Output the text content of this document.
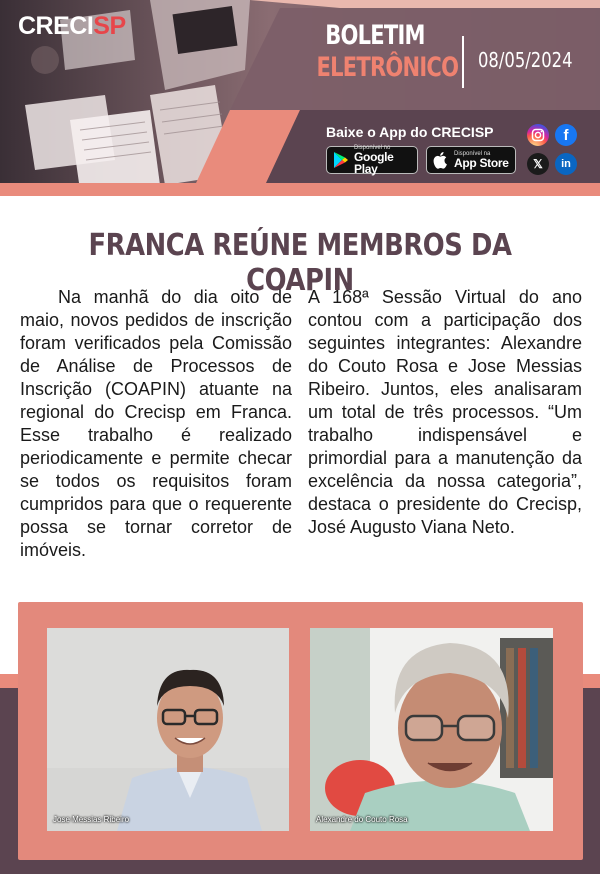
CRECISP	BOLETIM
ELETRÔNICO 08/05/2024
Baixe o App do CRECISP
Disponível no
Google Play
Disponível na
App Store
f
𝕏	in
FRANCA REÚNE MEMBROS DA COAPIN

Na manhã do dia oito de maio, novos pedidos de inscrição foram verificados pela Comissão de Análise de Processos de Inscrição (COAPIN) atuante na regional do Crecisp em Franca. Esse trabalho é realizado periodicamente e permite checar se todos os requisitos foram cumpridos para que o requerente possa se tornar corretor de imóveis.

A 168ª Sessão Virtual do ano contou com a participação dos seguintes integrantes: Alexandre do Couto Rosa e Jose Messias Ribeiro. Juntos, eles analisaram um total de três processos. “Um trabalho indispensável e primordial para a manutenção da excelência da nossa categoria”, destaca o presidente do Crecisp, José Augusto Viana Neto.

Jose Messias Ribeiro	Alexandre do Couto Rosa
